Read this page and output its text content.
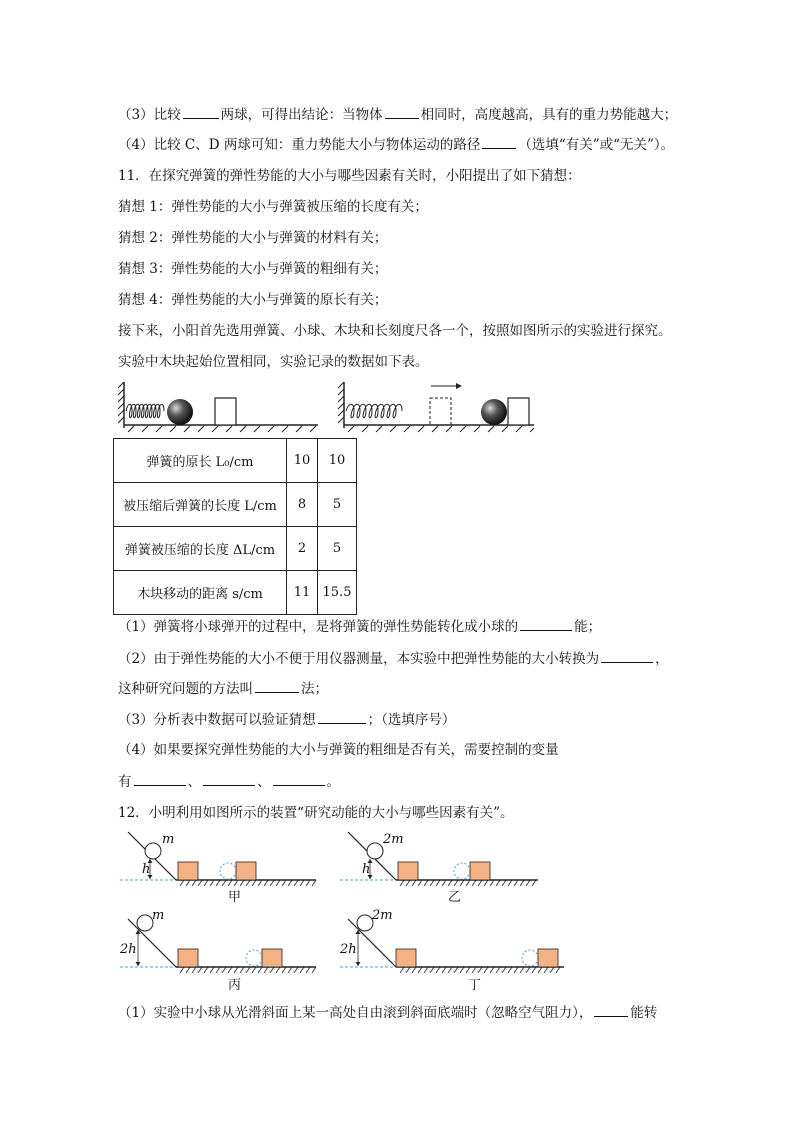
（3）比较	两球，可得出结论：当物体	相同时，高度越高，具有的重力势能越大；
（4）比较 C、D 两球可知：重力势能大小与物体运动的路径	（选填“有关”或“无关”）。
11．在探究弹簧的弹性势能的大小与哪些因素有关时，小阳提出了如下猜想：
猜想 1：弹性势能的大小与弹簧被压缩的长度有关；
猜想 2：弹性势能的大小与弹簧的材料有关；
猜想 3：弹性势能的大小与弹簧的粗细有关；
猜想 4：弹性势能的大小与弹簧的原长有关；
接下来，小阳首先选用弹簧、小球、木块和长刻度尺各一个，按照如图所示的实验进行探究。
实验中木块起始位置相同，实验记录的数据如下表。
弹簧的原长 L₀/cm	10	10
被压缩后弹簧的长度 L/cm	8	5
弹簧被压缩的长度 ΔL/cm	2	5
木块移动的距离 s/cm	11	15.5
（1）弹簧将小球弹开的过程中，是将弹簧的弹性势能转化成小球的	能；
（2）由于弹性势能的大小不便于用仪器测量，本实验中把弹性势能的大小转换为	，
这种研究问题的方法叫	法；
（3）分析表中数据可以验证猜想	；（选填序号）
（4）如果要探究弹性势能的大小与弹簧的粗细是否有关，需要控制的变量
有	、	、	。
12．小明利用如图所示的装置“研究动能的大小与哪些因素有关”。
m	2m
h	h
甲	乙
m	2m
2h	2h
丙	丁
（1）实验中小球从光滑斜面上某一高处自由滚到斜面底端时（忽略空气阻力），	能转
